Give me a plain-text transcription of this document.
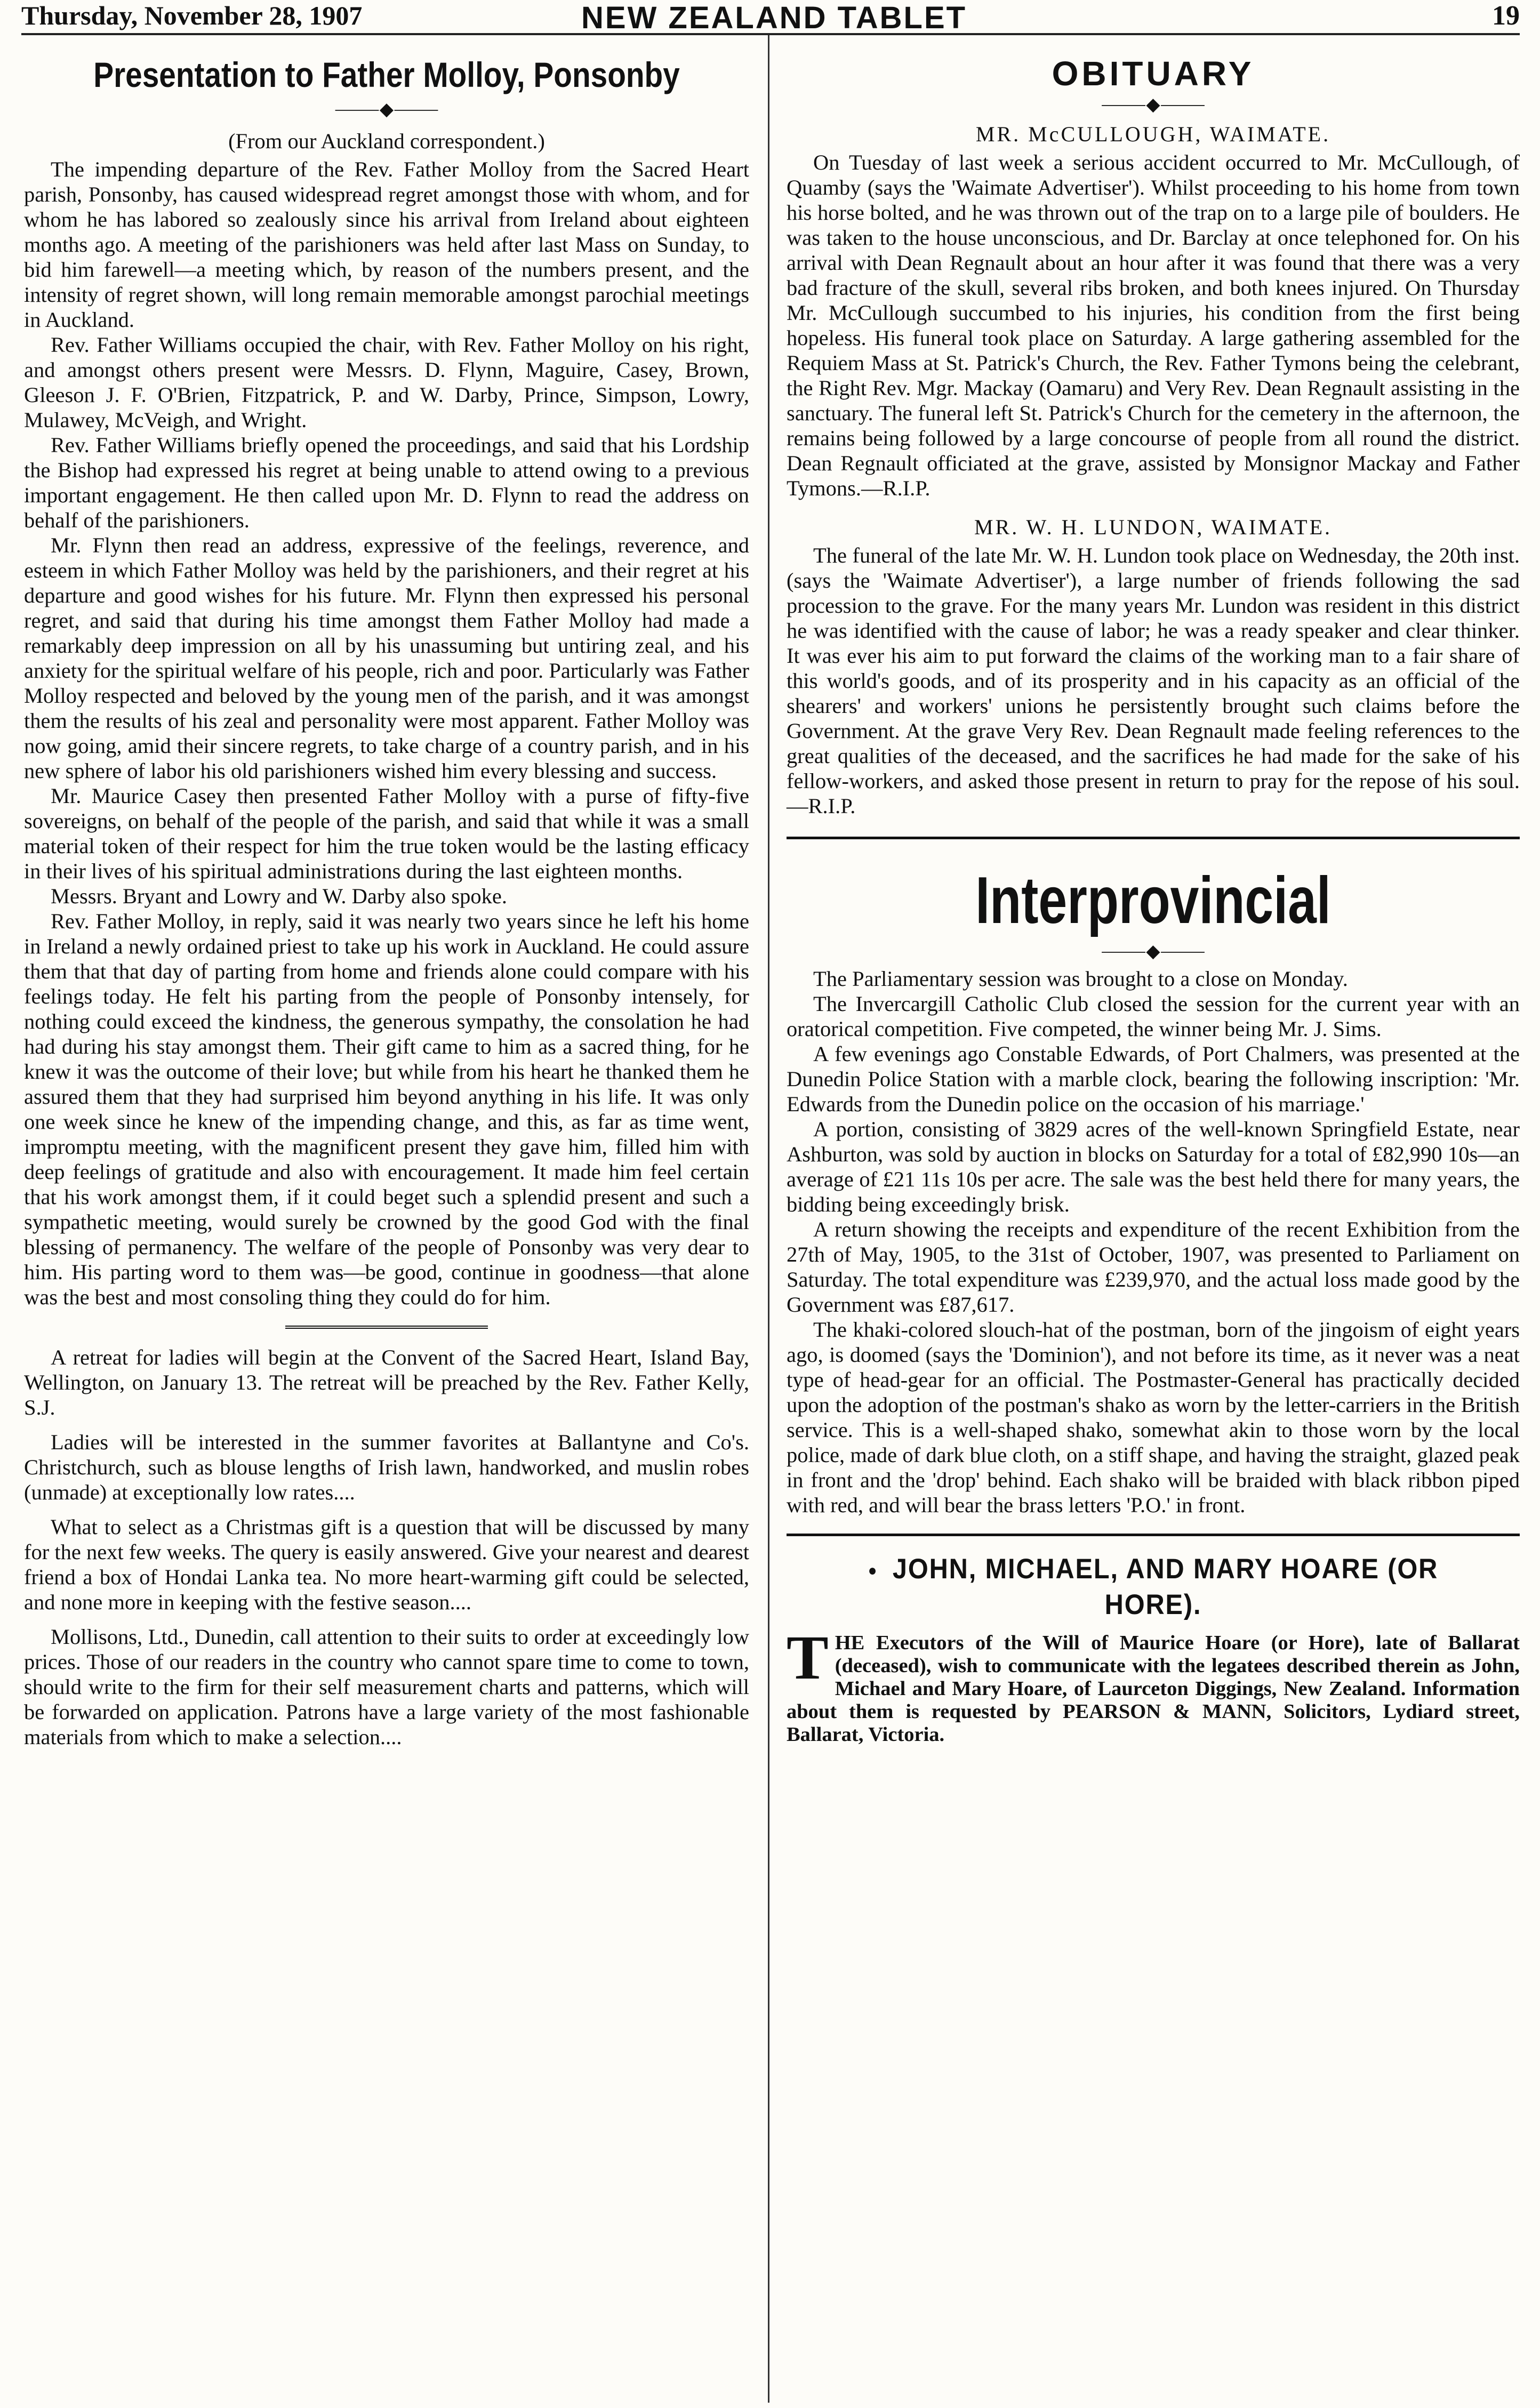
Thursday, November 28, 1907	NEW ZEALAND TABLET	19
Presentation to Father Molloy, Ponsonby
⸻◆⸻

(From our Auckland correspondent.)

The impending departure of the Rev. Father Molloy from the Sacred Heart parish, Ponsonby, has caused widespread regret amongst those with whom, and for whom he has labored so zealously since his arrival from Ireland about eighteen months ago. A meeting of the parishioners was held after last Mass on Sunday, to bid him farewell—a meeting which, by reason of the numbers present, and the intensity of regret shown, will long remain memorable amongst parochial meetings in Auckland.

Rev. Father Williams occupied the chair, with Rev. Father Molloy on his right, and amongst others present were Messrs. D. Flynn, Maguire, Casey, Brown, Gleeson J. F. O'Brien, Fitzpatrick, P. and W. Darby, Prince, Simpson, Lowry, Mulawey, McVeigh, and Wright.

Rev. Father Williams briefly opened the proceedings, and said that his Lordship the Bishop had expressed his regret at being unable to attend owing to a previous important engagement. He then called upon Mr. D. Flynn to read the address on behalf of the parishioners.

Mr. Flynn then read an address, expressive of the feelings, reverence, and esteem in which Father Molloy was held by the parishioners, and their regret at his departure and good wishes for his future. Mr. Flynn then expressed his personal regret, and said that during his time amongst them Father Molloy had made a remarkably deep impression on all by his unassuming but untiring zeal, and his anxiety for the spiritual welfare of his people, rich and poor. Particularly was Father Molloy respected and beloved by the young men of the parish, and it was amongst them the results of his zeal and personality were most apparent. Father Molloy was now going, amid their sincere regrets, to take charge of a country parish, and in his new sphere of labor his old parishioners wished him every blessing and success.

Mr. Maurice Casey then presented Father Molloy with a purse of fifty-five sovereigns, on behalf of the people of the parish, and said that while it was a small material token of their respect for him the true token would be the lasting efficacy in their lives of his spiritual administrations during the last eighteen months.

Messrs. Bryant and Lowry and W. Darby also spoke.

Rev. Father Molloy, in reply, said it was nearly two years since he left his home in Ireland a newly ordained priest to take up his work in Auckland. He could assure them that that day of parting from home and friends alone could compare with his feelings today. He felt his parting from the people of Ponsonby intensely, for nothing could exceed the kindness, the generous sympathy, the consolation he had had during his stay amongst them. Their gift came to him as a sacred thing, for he knew it was the outcome of their love; but while from his heart he thanked them he assured them that they had surprised him beyond anything in his life. It was only one week since he knew of the impending change, and this, as far as time went, impromptu meeting, with the magnificent present they gave him, filled him with deep feelings of gratitude and also with encouragement. It made him feel certain that his work amongst them, if it could beget such a splendid present and such a sympathetic meeting, would surely be crowned by the good God with the final blessing of permanency. The welfare of the people of Ponsonby was very dear to him. His parting word to them was—be good, continue in goodness—that alone was the best and most consoling thing they could do for him.

A retreat for ladies will begin at the Convent of the Sacred Heart, Island Bay, Wellington, on January 13. The retreat will be preached by the Rev. Father Kelly, S.J.

Ladies will be interested in the summer favorites at Ballantyne and Co's. Christchurch, such as blouse lengths of Irish lawn, handworked, and muslin robes (unmade) at exceptionally low rates....

What to select as a Christmas gift is a question that will be discussed by many for the next few weeks. The query is easily answered. Give your nearest and dearest friend a box of Hondai Lanka tea. No more heart-warming gift could be selected, and none more in keeping with the festive season....

Mollisons, Ltd., Dunedin, call attention to their suits to order at exceedingly low prices. Those of our readers in the country who cannot spare time to come to town, should write to the firm for their self measurement charts and patterns, which will be forwarded on application. Patrons have a large variety of the most fashionable materials from which to make a selection....

OBITUARY
⸻◆⸻
MR. McCULLOUGH, WAIMATE.

On Tuesday of last week a serious accident occurred to Mr. McCullough, of Quamby (says the 'Waimate Advertiser'). Whilst proceeding to his home from town his horse bolted, and he was thrown out of the trap on to a large pile of boulders. He was taken to the house unconscious, and Dr. Barclay at once telephoned for. On his arrival with Dean Regnault about an hour after it was found that there was a very bad fracture of the skull, several ribs broken, and both knees injured. On Thursday Mr. McCullough succumbed to his injuries, his condition from the first being hopeless. His funeral took place on Saturday. A large gathering assembled for the Requiem Mass at St. Patrick's Church, the Rev. Father Tymons being the celebrant, the Right Rev. Mgr. Mackay (Oamaru) and Very Rev. Dean Regnault assisting in the sanctuary. The funeral left St. Patrick's Church for the cemetery in the afternoon, the remains being followed by a large concourse of people from all round the district. Dean Regnault officiated at the grave, assisted by Monsignor Mackay and Father Tymons.—R.I.P.

MR. W. H. LUNDON, WAIMATE.

The funeral of the late Mr. W. H. Lundon took place on Wednesday, the 20th inst. (says the 'Waimate Advertiser'), a large number of friends following the sad procession to the grave. For the many years Mr. Lundon was resident in this district he was identified with the cause of labor; he was a ready speaker and clear thinker. It was ever his aim to put forward the claims of the working man to a fair share of this world's goods, and of its prosperity and in his capacity as an official of the shearers' and workers' unions he persistently brought such claims before the Government. At the grave Very Rev. Dean Regnault made feeling references to the great qualities of the deceased, and the sacrifices he had made for the sake of his fellow-workers, and asked those present in return to pray for the repose of his soul.—R.I.P.

Interprovincial
⸻◆⸻

The Parliamentary session was brought to a close on Monday.

The Invercargill Catholic Club closed the session for the current year with an oratorical competition. Five competed, the winner being Mr. J. Sims.

A few evenings ago Constable Edwards, of Port Chalmers, was presented at the Dunedin Police Station with a marble clock, bearing the following inscription: 'Mr. Edwards from the Dunedin police on the occasion of his marriage.'

A portion, consisting of 3829 acres of the well-known Springfield Estate, near Ashburton, was sold by auction in blocks on Saturday for a total of £82,990 10s—an average of £21 11s 10s per acre. The sale was the best held there for many years, the bidding being exceedingly brisk.

A return showing the receipts and expenditure of the recent Exhibition from the 27th of May, 1905, to the 31st of October, 1907, was presented to Parliament on Saturday. The total expenditure was £239,970, and the actual loss made good by the Government was £87,617.

The khaki-colored slouch-hat of the postman, born of the jingoism of eight years ago, is doomed (says the 'Dominion'), and not before its time, as it never was a neat type of head-gear for an official. The Postmaster-General has practically decided upon the adoption of the postman's shako as worn by the letter-carriers in the British service. This is a well-shaped shako, somewhat akin to those worn by the local police, made of dark blue cloth, on a stiff shape, and having the straight, glazed peak in front and the 'drop' behind. Each shako will be braided with black ribbon piped with red, and will bear the brass letters 'P.O.' in front.

● JOHN, MICHAEL, AND MARY HOARE (OR HORE).
T HE Executors of the Will of Maurice Hoare (or Hore), late of Ballarat (deceased), wish to communicate with the legatees described therein as John, Michael and Mary Hoare, of Laurceton Diggings, New Zealand. Information about them is requested by PEARSON & MANN, Solicitors, Lydiard street, Ballarat, Victoria.
